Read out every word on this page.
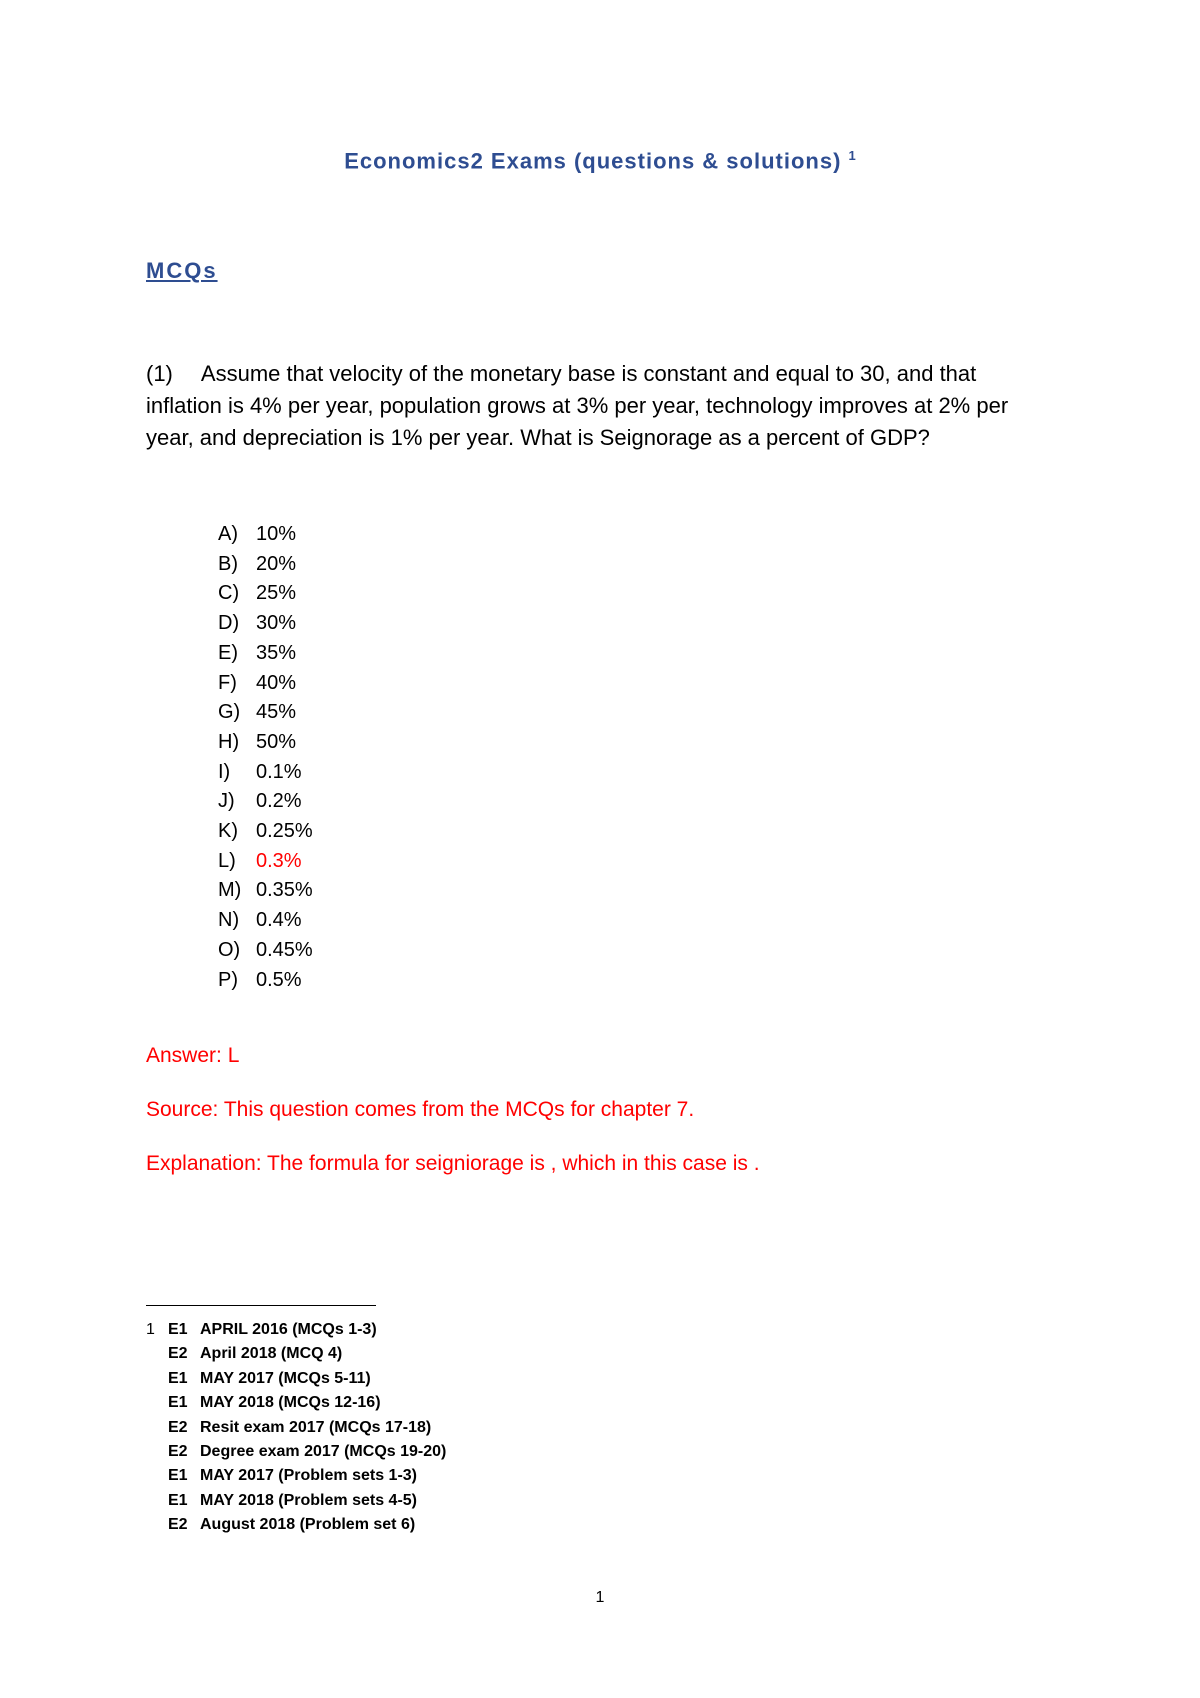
Economics2 Exams (questions & solutions) $^1$
MCQs
(1) Assume that velocity of the monetary base is constant and equal to 30, and that inflation is 4% per year, population grows at 3% per year, technology improves at 2% per year, and depreciation is 1% per year. What is Seignorage as a percent of GDP?
A) 10%
B) 20%
C) 25%
D) 30%
E) 35%
F) 40%
G) 45%
H) 50%
I) 0.1%
J) 0.2%
K) 0.25%
L) 0.3%
M) 0.35%
N) 0.4%
O) 0.45%
P) 0.5%
Answer: L
Source: This question comes from the MCQs for chapter 7.
Explanation: The formula for seigniorage is , which in this case is .
1 E1 APRIL 2016 (MCQs 1-3)
E2 April 2018 (MCQ 4)
E1 MAY 2017 (MCQs 5-11)
E1 MAY 2018 (MCQs 12-16)
E2 Resit exam 2017 (MCQs 17-18)
E2 Degree exam 2017 (MCQs 19-20)
E1 MAY 2017 (Problem sets 1-3)
E1 MAY 2018 (Problem sets 4-5)
E2 August 2018 (Problem set 6)
1
